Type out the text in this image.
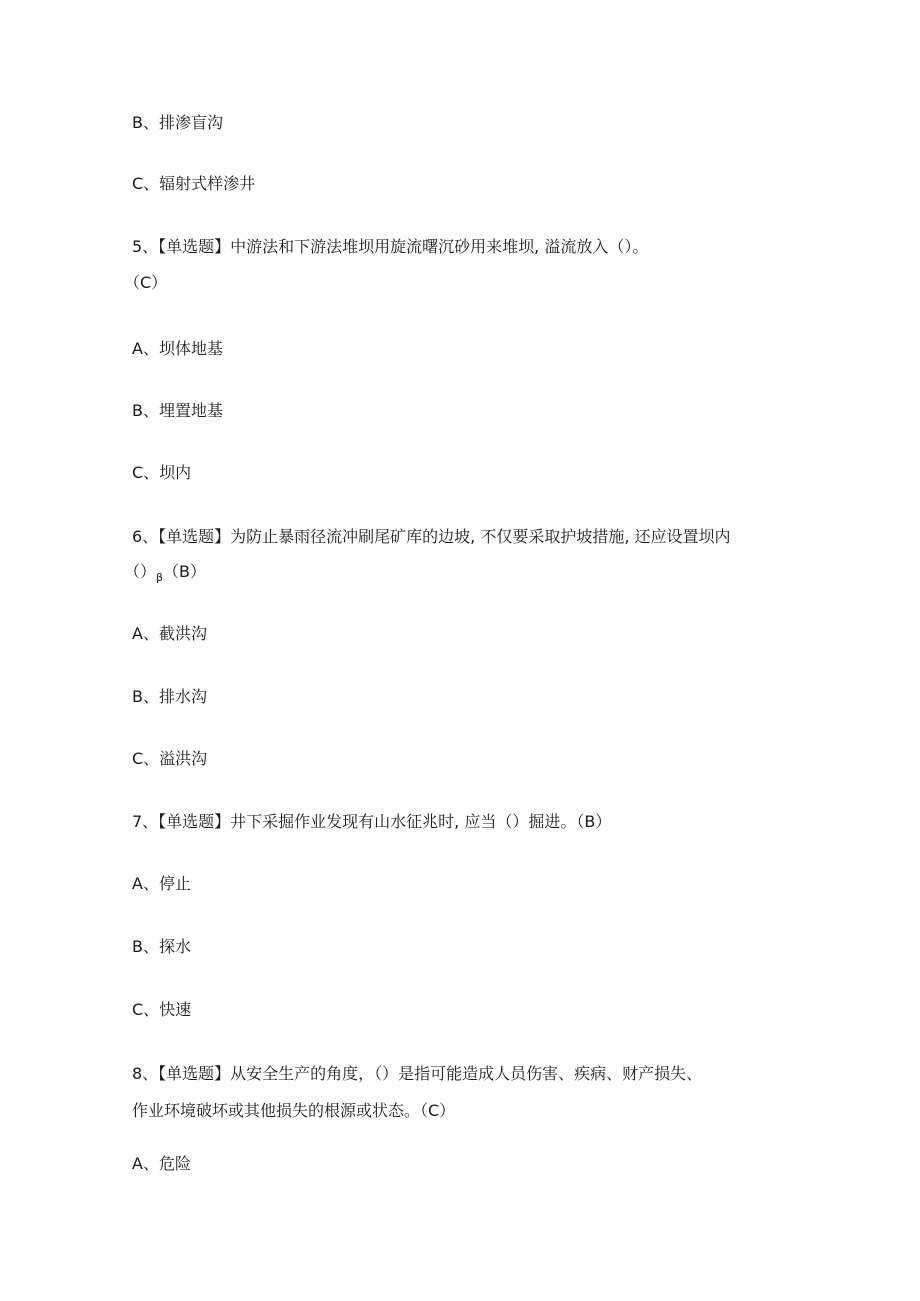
B、排渗盲沟
C、辐射式样渗井
5、【单选题】中游法和下游法堆坝用旋流曙沉砂用来堆坝, 溢流放入（）。
（C）
A、坝体地基
B、埋置地基
C、坝内
6、【单选题】为防止暴雨径流冲刷尾矿库的边坡, 不仅要采取护坡措施, 还应设置坝内
$()_\beta(B)$
A、截洪沟
B、排水沟
C、溢洪沟
7、【单选题】井下采掘作业发现有山水征兆时, 应当（）掘进。（B）
A、停止
B、探水
C、快速
8、【单选题】从安全生产的角度，（）是指可能造成人员伤害、疾病、财产损失、
作业环境破坏或其他损失的根源或状态。（C）
A、危险
